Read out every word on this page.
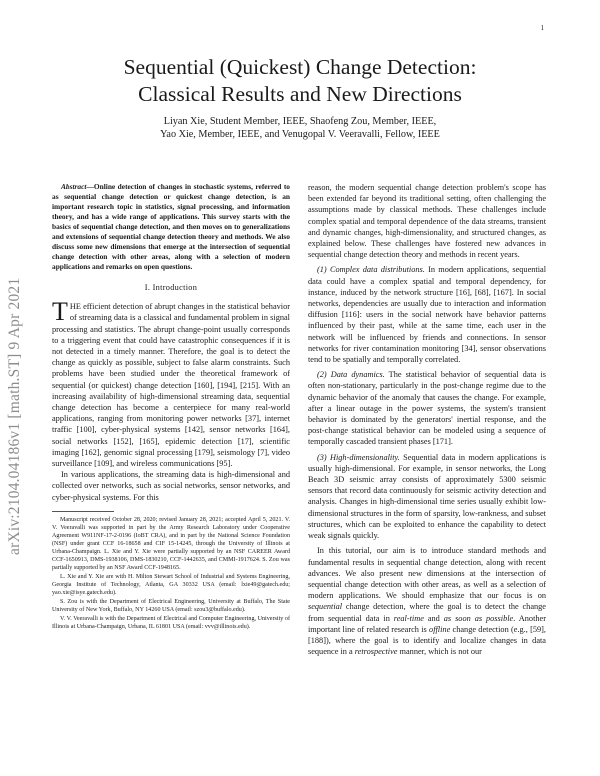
1
arXiv:2104.04186v1 [math.ST] 9 Apr 2021
Sequential (Quickest) Change Detection:
Classical Results and New Directions
Liyan Xie, Student Member, IEEE, Shaofeng Zou, Member, IEEE,
Yao Xie, Member, IEEE, and Venugopal V. Veeravalli, Fellow, IEEE

Abstract—Online detection of changes in stochastic systems, referred to as sequential change detection or quickest change detection, is an important research topic in statistics, signal processing, and information theory, and has a wide range of applications. This survey starts with the basics of sequential change detection, and then moves on to generalizations and extensions of sequential change detection theory and methods. We also discuss some new dimensions that emerge at the intersection of sequential change detection with other areas, along with a selection of modern applications and remarks on open questions.

I. Introduction

THE efficient detection of abrupt changes in the statistical behavior of streaming data is a classical and fundamental problem in signal processing and statistics. The abrupt change-point usually corresponds to a triggering event that could have catastrophic consequences if it is not detected in a timely manner. Therefore, the goal is to detect the change as quickly as possible, subject to false alarm constraints. Such problems have been studied under the theoretical framework of sequential (or quickest) change detection [160], [194], [215]. With an increasing availability of high-dimensional streaming data, sequential change detection has become a centerpiece for many real-world applications, ranging from monitoring power networks [37], internet traffic [100], cyber-physical systems [142], sensor networks [164], social networks [152], [165], epidemic detection [17], scientific imaging [162], genomic signal processing [179], seismology [7], video surveillance [109], and wireless communications [95].

In various applications, the streaming data is high-dimensional and collected over networks, such as social networks, sensor networks, and cyber-physical systems. For this

Manuscript received October 28, 2020; revised January 28, 2021; accepted April 5, 2021. V. V. Veeravalli was supported in part by the Army Research Laboratory under Cooperative Agreement W911NF-17-2-0196 (IoBT CRA), and in part by the National Science Foundation (NSF) under grant CCF 16-18658 and CIF 15-14245, through the University of Illinois at Urbana-Champaign. L. Xie and Y. Xie were partially supported by an NSF CAREER Award CCF-1650913, DMS-1938106, DMS-1830210, CCF-1442635, and CMMI-1917624. S. Zou was partially supported by an NSF Award CCF-1948165.

L. Xie and Y. Xie are with H. Milton Stewart School of Industrial and Systems Engineering, Georgia Institute of Technology, Atlanta, GA 30332 USA (email: lxie49@gatech.edu; yao.xie@isye.gatech.edu).

S. Zou is with the Department of Electrical Engineering, University at Buffalo, The State University of New York, Buffalo, NY 14260 USA (email: szou3@buffalo.edu).

V. V. Veeravalli is with the Department of Electrical and Computer Engineering, University of Illinois at Urbana-Champaign, Urbana, IL 61801 USA (email: vvv@illinois.edu).

reason, the modern sequential change detection problem's scope has been extended far beyond its traditional setting, often challenging the assumptions made by classical methods. These challenges include complex spatial and temporal dependence of the data streams, transient and dynamic changes, high-dimensionality, and structured changes, as explained below. These challenges have fostered new advances in sequential change detection theory and methods in recent years.

(1) Complex data distributions. In modern applications, sequential data could have a complex spatial and temporal dependency, for instance, induced by the network structure [16], [68], [167]. In social networks, dependencies are usually due to interaction and information diffusion [116]: users in the social network have behavior patterns influenced by their past, while at the same time, each user in the network will be influenced by friends and connections. In sensor networks for river contamination monitoring [34], sensor observations tend to be spatially and temporally correlated.

(2) Data dynamics. The statistical behavior of sequential data is often non-stationary, particularly in the post-change regime due to the dynamic behavior of the anomaly that causes the change. For example, after a linear outage in the power systems, the system's transient behavior is dominated by the generators' inertial response, and the post-change statistical behavior can be modeled using a sequence of temporally cascaded transient phases [171].

(3) High-dimensionality. Sequential data in modern applications is usually high-dimensional. For example, in sensor networks, the Long Beach 3D seismic array consists of approximately 5300 seismic sensors that record data continuously for seismic activity detection and analysis. Changes in high-dimensional time series usually exhibit low-dimensional structures in the form of sparsity, low-rankness, and subset structures, which can be exploited to enhance the capability to detect weak signals quickly.

In this tutorial, our aim is to introduce standard methods and fundamental results in sequential change detection, along with recent advances. We also present new dimensions at the intersection of sequential change detection with other areas, as well as a selection of modern applications. We should emphasize that our focus is on sequential change detection, where the goal is to detect the change from sequential data in real-time and as soon as possible. Another important line of related research is offline change detection (e.g., [59], [188]), where the goal is to identify and localize changes in data sequence in a retrospective manner, which is not our
